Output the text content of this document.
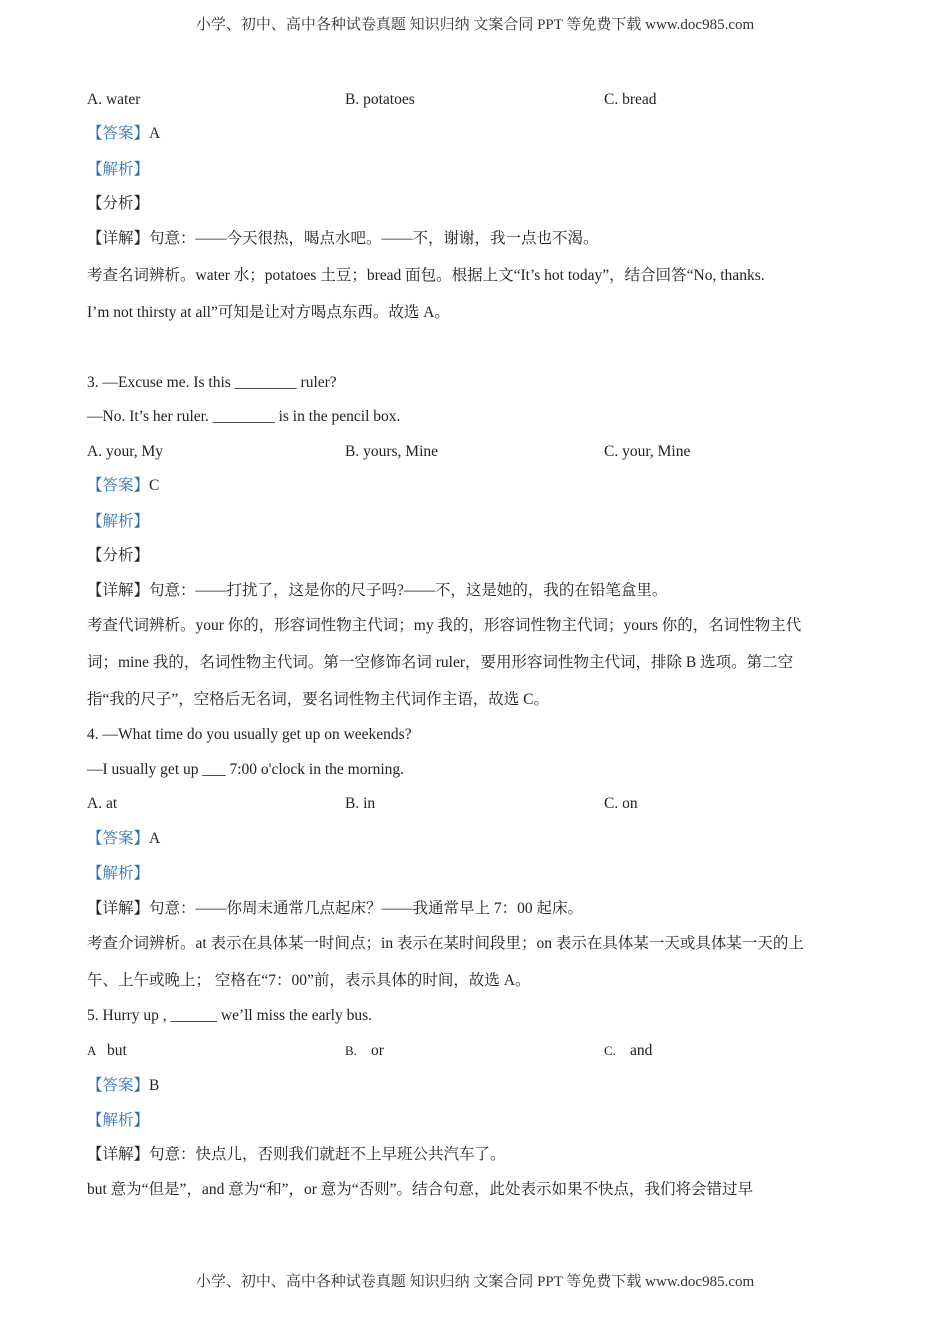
小学、初中、高中各种试卷真题 知识归纳 文案合同 PPT 等免费下载 www.doc985.com
A. water	B. potatoes	C. bread
【答案】A
【解析】
【分析】
【详解】句意：——今天很热，喝点水吧。——不，谢谢，我一点也不渴。
考查名词辨析。water 水；potatoes 土豆；bread 面包。根据上文“It’s hot today”，结合回答“No, thanks.
I’m not thirsty at all”可知是让对方喝点东西。故选 A。
3. —Excuse me. Is this ________ ruler?
—No. It’s her ruler. ________ is in the pencil box.
A. your, My	B. yours, Mine	C. your, Mine
【答案】C
【解析】
【分析】
【详解】句意：——打扰了，这是你的尺子吗?——不，这是她的，我的在铅笔盒里。
考查代词辨析。your 你的，形容词性物主代词；my 我的，形容词性物主代词；yours 你的，名词性物主代
词；mine 我的，名词性物主代词。第一空修饰名词 ruler，要用形容词性物主代词，排除 B 选项。第二空
指“我的尺子”，空格后无名词，要名词性物主代词作主语，故选 C。
4. —What time do you usually get up on weekends?
—I usually get up ___ 7:00 o'clock in the morning.
A. at	B. in	C. on
【答案】A
【解析】
【详解】句意：——你周末通常几点起床？——我通常早上 7：00 起床。
考查介词辨析。at 表示在具体某一时间点；in 表示在某时间段里；on 表示在具体某一天或具体某一天的上
午、上午或晚上； 空格在“7：00”前，表示具体的时间，故选 A。
5. Hurry up , ______ we’ll miss the early bus.
A but	B. or	C. and
【答案】B
【解析】
【详解】句意：快点儿，否则我们就赶不上早班公共汽车了。
but 意为“但是”，and 意为“和”，or 意为“否则”。结合句意，此处表示如果不快点，我们将会错过早
小学、初中、高中各种试卷真题 知识归纳 文案合同 PPT 等免费下载 www.doc985.com
